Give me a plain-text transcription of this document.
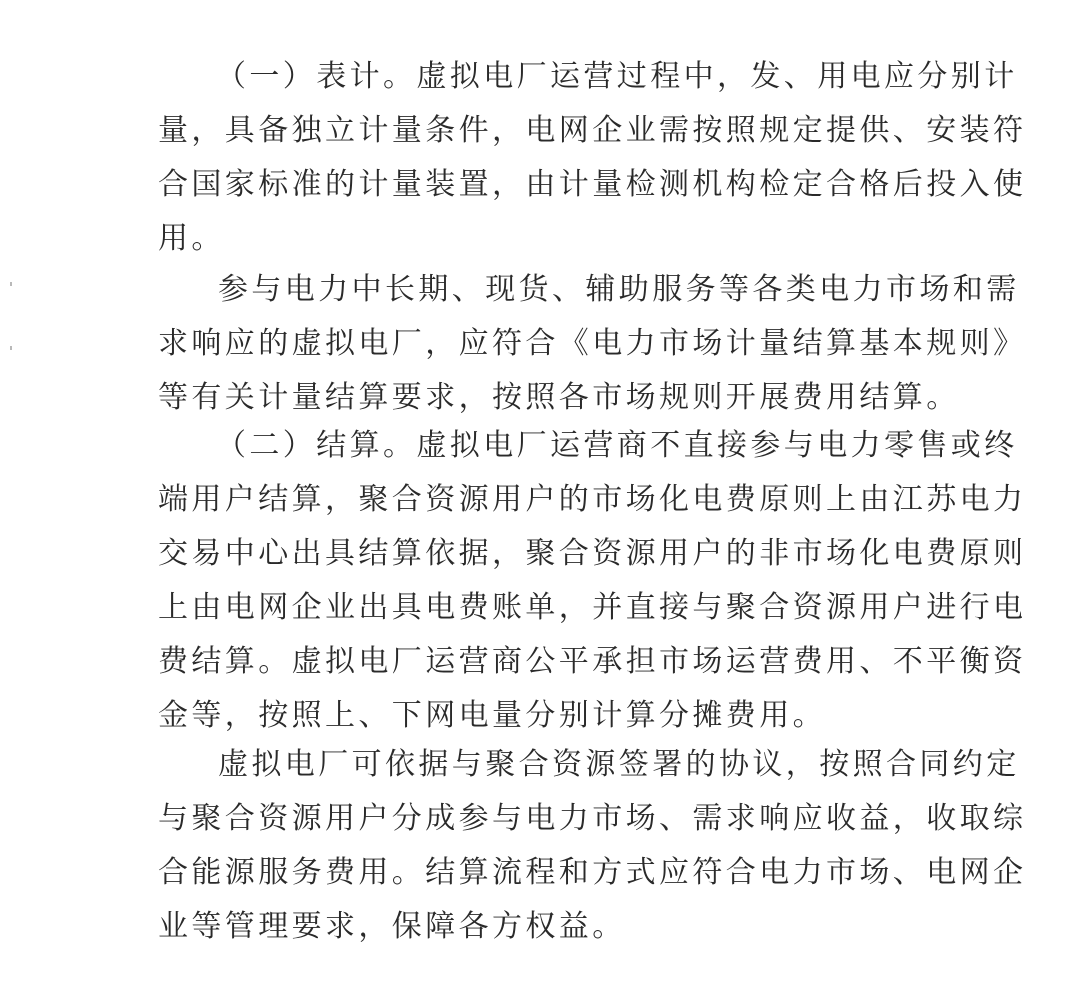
（一）表计。虚拟电厂运营过程中，发、用电应分别计

量，具备独立计量条件，电网企业需按照规定提供、安装符

合国家标准的计量装置，由计量检测机构检定合格后投入使

用。

参与电力中长期、现货、辅助服务等各类电力市场和需

求响应的虚拟电厂，应符合《电力市场计量结算基本规则》

等有关计量结算要求，按照各市场规则开展费用结算。

（二）结算。虚拟电厂运营商不直接参与电力零售或终

端用户结算，聚合资源用户的市场化电费原则上由江苏电力

交易中心出具结算依据，聚合资源用户的非市场化电费原则

上由电网企业出具电费账单，并直接与聚合资源用户进行电

费结算。虚拟电厂运营商公平承担市场运营费用、不平衡资

金等，按照上、下网电量分别计算分摊费用。

虚拟电厂可依据与聚合资源签署的协议，按照合同约定

与聚合资源用户分成参与电力市场、需求响应收益，收取综

合能源服务费用。结算流程和方式应符合电力市场、电网企

业等管理要求，保障各方权益。
